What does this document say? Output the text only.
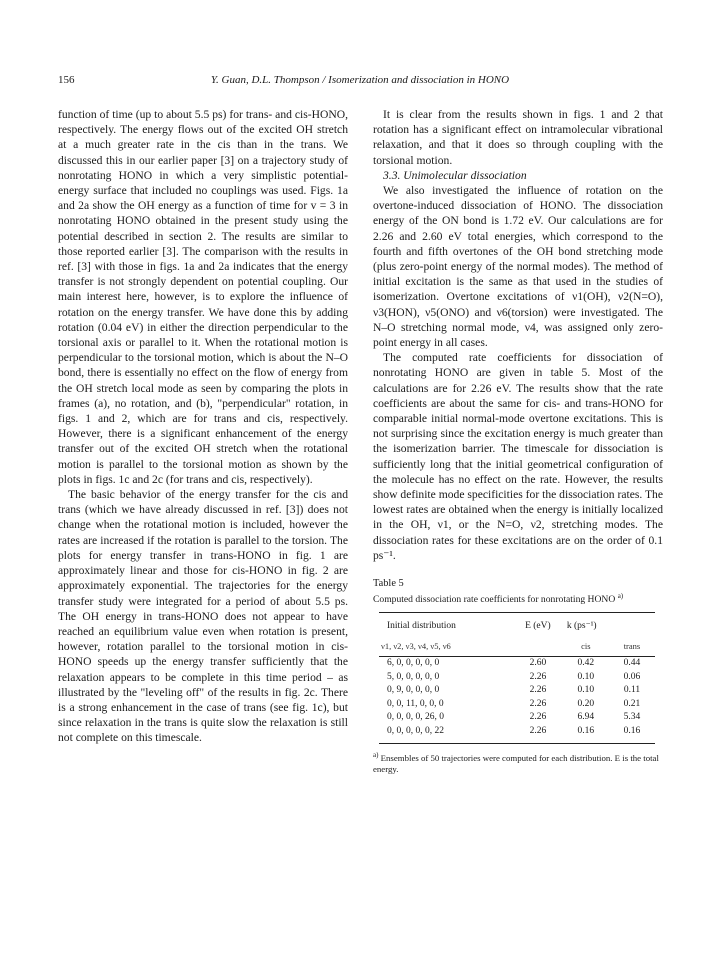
156	Y. Guan, D.L. Thompson / Isomerization and dissociation in HONO

function of time (up to about 5.5 ps) for trans- and cis-HONO, respectively. The energy flows out of the excited OH stretch at a much greater rate in the cis than in the trans. We discussed this in our earlier paper [3] on a trajectory study of nonrotating HONO in which a very simplistic potential-energy surface that included no couplings was used. Figs. 1a and 2a show the OH energy as a function of time for v = 3 in nonrotating HONO obtained in the present study using the potential described in section 2. The results are similar to those reported earlier [3]. The comparison with the results in ref. [3] with those in figs. 1a and 2a indicates that the energy transfer is not strongly dependent on potential coupling. Our main interest here, however, is to explore the influence of rotation on the energy transfer. We have done this by adding rotation (0.04 eV) in either the direction perpendicular to the torsional axis or parallel to it. When the rotational motion is perpendicular to the torsional motion, which is about the N–O bond, there is essentially no effect on the flow of energy from the OH stretch local mode as seen by comparing the plots in frames (a), no rotation, and (b), "perpendicular" rotation, in figs. 1 and 2, which are for trans and cis, respectively. However, there is a significant enhancement of the energy transfer out of the excited OH stretch when the rotational motion is parallel to the torsional motion as shown by the plots in figs. 1c and 2c (for trans and cis, respectively).

The basic behavior of the energy transfer for the cis and trans (which we have already discussed in ref. [3]) does not change when the rotational motion is included, however the rates are increased if the rotation is parallel to the torsion. The plots for energy transfer in trans-HONO in fig. 1 are approximately linear and those for cis-HONO in fig. 2 are approximately exponential. The trajectories for the energy transfer study were integrated for a period of about 5.5 ps. The OH energy in trans-HONO does not appear to have reached an equilibrium value even when rotation is present, however, rotation parallel to the torsional motion in cis-HONO speeds up the energy transfer sufficiently that the relaxation appears to be complete in this time period – as illustrated by the "leveling off" of the results in fig. 2c. There is a strong enhancement in the case of trans (see fig. 1c), but since relaxation in the trans is quite slow the relaxation is still not complete on this timescale.

It is clear from the results shown in figs. 1 and 2 that rotation has a significant effect on intramolecular vibrational relaxation, and that it does so through coupling with the torsional motion.

3.3. Unimolecular dissociation

We also investigated the influence of rotation on the overtone-induced dissociation of HONO. The dissociation energy of the ON bond is 1.72 eV. Our calculations are for 2.26 and 2.60 eV total energies, which correspond to the fourth and fifth overtones of the OH bond stretching mode (plus zero-point energy of the normal modes). The method of initial excitation is the same as that used in the studies of isomerization. Overtone excitations of ν1(OH), ν2(N=O), ν3(HON), ν5(ONO) and ν6(torsion) were investigated. The N–O stretching normal mode, ν4, was assigned only zero-point energy in all cases.

The computed rate coefficients for dissociation of nonrotating HONO are given in table 5. Most of the calculations are for 2.26 eV. The results show that the rate coefficients are about the same for cis- and trans-HONO for comparable initial normal-mode overtone excitations. This is not surprising since the excitation energy is much greater than the isomerization barrier. The timescale for dissociation is sufficiently long that the initial geometrical configuration of the molecule has no effect on the rate. However, the results show definite mode specificities for the dissociation rates. The lowest rates are obtained when the energy is initially localized in the OH, ν1, or the N=O, ν2, stretching modes. The dissociation rates for these excitations are on the order of 0.1 ps⁻¹.

Table 5
Computed dissociation rate coefficients for nonrotating HONO $^{a)}$
Initial distribution	E (eV)	k (ps⁻¹)	
ν1, ν2, ν3, ν4, ν5, ν6		cis	trans
6, 0, 0, 0, 0, 0	2.60	0.42	0.44
5, 0, 0, 0, 0, 0	2.26	0.10	0.06
0, 9, 0, 0, 0, 0	2.26	0.10	0.11
0, 0, 11, 0, 0, 0	2.26	0.20	0.21
0, 0, 0, 0, 26, 0	2.26	6.94	5.34
0, 0, 0, 0, 0, 22	2.26	0.16	0.16
$^{a)}$ Ensembles of 50 trajectories were computed for each distribution. E is the total energy.
